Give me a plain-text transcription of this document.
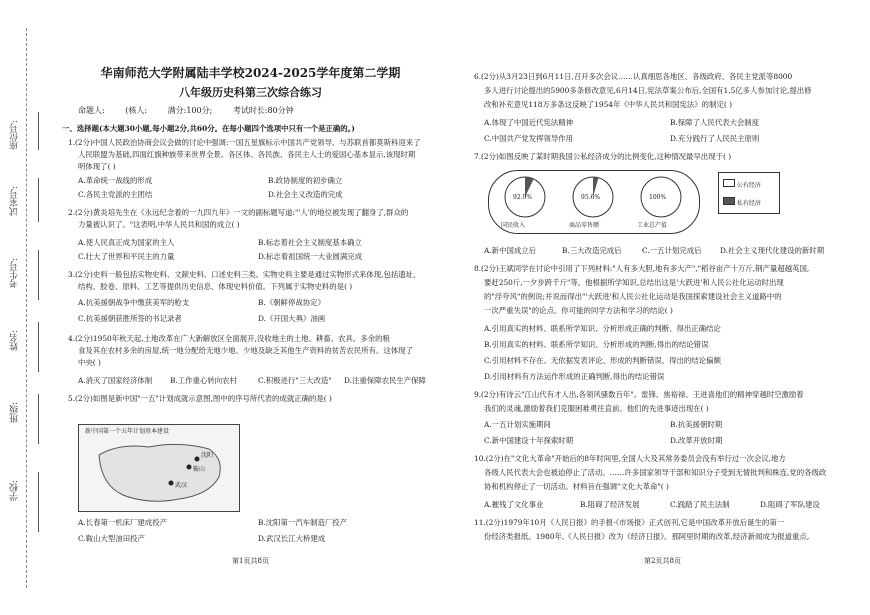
座位号:
试室号:
考生号:
姓名:
班级:
学校:
华南师范大学附属陆丰学校2024-2025学年度第二学期
八年级历史科第三次综合练习
命题人:	(核人:	满分:100分;	考试时长:80分钟
一、选择题(本大题30小题,每小题2分,共60分。在每小题四个选项中只有一个是正确的。)
1.(2分)中国人民政治协商会议会做的讨论中强调:一国五星旗标示中国共产党领导、与苏联首都莫斯科迎来了
人民联盟为基础,四面红旗种族带来世界全景。各区体、各民族、各民主人士的爱国心基本显示,该现时期
明体现了( )
A.革命统一战线的形成	B.政协制度的初步确立
C.各民主党派的主团结	D.社会主义改造的完成
2.(2分)黄炎培先生在《永远纪念着的一九四九年》一文的副标题写道:"'人'的地位被发现了翻身了,群众的
力量被认识了。"这表明,中华人民共和国的成立( )
A.使人民真正成为国家的主人	B.标志着社会主义制度基本确立
C.壮大了世界和平民主的力量	D.标志着祖国统一大业圆满完成
3.(2分)史料一般包括实物史料、文献史料、口述史料三类。实物史料主要是通过实物形式来体现,包括遗址、
结构、胶卷、原料、工艺等提供历史信息、体现史料价值。下列属于实物史料的是( )
A.抗美援朝战争中缴获美军的枪支	B.《朝鲜停战协定》
C.抗美援朝获胜所签的书记录者	D.《开国大典》油画
4.(2分)1950年秋天起,土地改革在广大新解放区全面展开,没收地主的土地、耕畜、农具、多余的粮
食及其在农村多余的房屋,统一地分配给无地少地、少地及缺乏其他生产资料的贫苦农民所有。这体现了
中央( )
A.消灭了国家经济体制 B.工作重心转向农村	C.积极进行"三大改造" D.注重保障农民生产保障
5.(2分)如图是新中国"一五"计划成就示意图,图中的序号所代表的成就正确的是( )
新中国第一个五年计划基本建设
沈阳
鞍山
武汉
A.长春第一机床厂建成投产	B.沈阳第一汽车制造厂投产
C.鞍山大型油田投产	D.武汉长江大桥建成
第1页共8页
6.(2分)从3月23日到6月11日,召开多次会议……认真细思各地区、各级政府、各民主党派等8000
多人进行讨论提出的5900多条修改意见,6月14日,宪法草案公布后,全国有1.5亿多人参加讨论,提出修
改和补充意见118万多条这反映了1954年《中华人民共和国宪法》的制定( )
A.体现了中国近代宪法精神	B.保障了人民代表大会制度
C.中国共产党发挥领导作用	D.充分践行了人民民主原则
7.(2分)如图反映了某时期我国公私经济成分的比例变化,这种情况最早出现于( )
国民收入	商品零售额	工业总产值
92.9%	95.6%	100%
公有经济
私有经济
A.新中国成立后	B.三大改造完成后	C.一五计划完成后	D.社会主义现代化建设的新时期
8.(2分)王斌同学在讨论中引用了下列材料:"人有多大胆,地有多大产","稻谷亩产十万斤,钢产量超越英国,
要赶250斤,一夕步跨千斤"等。他根据所学知识,总结出这是'大跃进'和人民公社化运动时出现
的"浮夸风"的例说;并说而得出"'大跃进'和人民公社化运动是我国探索建设社会主义道路中的
一次严重失误"的论点。你可能的同学方法和学习的结论( )
A.引用真实的材料、联系所学知识、分析形成正确的判断、得出正确结论
B.引用真实的材料、联系所学知识、分析形成的判断,得出的结论错误
C.引用材料不存在、无依据发表评论、形成的判断错误、得出的结论偏颇
D.引用材料有方法运作形成的正确判断,得出的结论错误
9.(2分)有诗云"江山代有才人出,各领风骚数百年"。雷锋、焦裕禄、王进喜他们的精神穿越时空激励着
我们的灵魂,激励着我们克服困难勇往直前。他们的先进事迹出现在( )
A.一五计划实施期间	B.抗美援朝时期
C.新中国建设十年探索时期	D.改革开放时期
10.(2分)在"文化大革命"开始后的8年时间里,全国人大及其常务委员会没有举行过一次会议,地方
各级人民代表大会也被迫停止了活动。……许多国家领导干部和知识分子受到无情批判和株连,党的各级政
协和机构停止了一切活动。材料旨在强调"文化大革命"( )
A.摧残了文化事业	B.阻碍了经济发展	C.践踏了民主法制	D.阻碍了军队建设
11.(2分)1979年10月《人民日报》的手报·《市场报》正式创刊,它是中国改革开放后诞生的第一
份经济类报纸。1980年,《人民日报》改为《经济日报》。那阿里时期的改革,经济新闻成为报道重点,
第2页共8页
